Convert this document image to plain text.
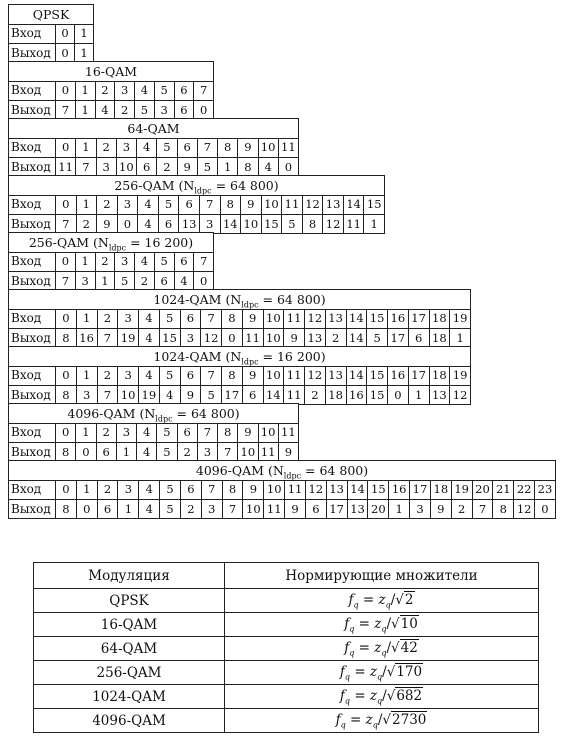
QPSK
Вход	0	1
Выход 0	1
16-QAM
Вход	0	1	2	3	4	5	6	7
Выход 7	1	4	2	5	3	6	0
64-QAM
Вход	0	1	2	3	4	5	6	7	8	9 10 11
Выход 11 7	3 10 6	2	9	5	1	8	4	0
256-QAM ($N_{ldpc} = 64$ 800)
Вход	0	1	2	3	4	5	6	7	8	9 10 11 12 13 14 15
Выход 7	2	9	0	4	6 13 3 14 10 15 5	8 12 11 1
256-QAM ($N_{ldpc} = 16$ 200)
Вход	0	1	2	3	4	5	6	7
Выход 7	3	1	5	2	6	4	0
1024-QAM ($N_{ldpc} = 64$ 800)
Вход	0	1	2	3	4	5	6	7	8	9 10 11 12 13 14 15 16 17 18 19
Выход 8 16 7 19 4 15 3 12 0 11 10 9 13 2 14 5 17 6 18 1
1024-QAM ($N_{ldpc} = 16$ 200)
Вход	0	1	2	3	4	5	6	7	8	9 10 11 12 13 14 15 16 17 18 19
Выход 8	3	7 10 19 4	9	5 17 6 14 11 2 18 16 15 0	1 13 12
4096-QAM ($N_{ldpc} = 64$ 800)
Вход	0	1	2	3	4	5	6	7	8	9 10 11
Выход 8	0	6	1	4	5	2	3	7 10 11 9
4096-QAM ($N_{ldpc} = 64$ 800)
Вход	0	1	2	3	4	5	6	7	8	9 10 11 12 13 14 15 16 17 18 19 20 21 22 23
Выход	8	0	6	1	4	5	2	3	7 10 11 9	6 17 13 20 1	3	9	2	7	8 12 0
Модуляция	Нормирующие множители
QPSK	$f_q = z_q/√2$
16-QAM	$f_q = z_q/√10$
64-QAM	$f_q = z_q/√42$
256-QAM	$f_q = z_q/√170$
1024-QAM	$f_q = z_q/√682$
4096-QAM	$f_q = z_q/√2730$
